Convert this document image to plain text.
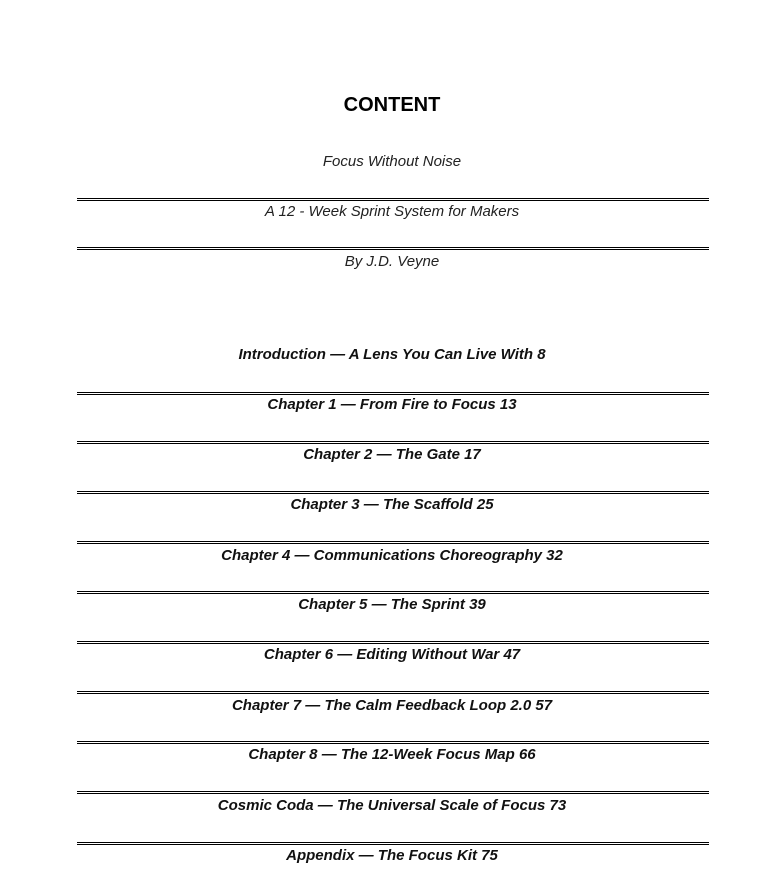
CONTENT
Focus Without Noise
A 12 - Week Sprint System for Makers
By J.D. Veyne
Introduction — A Lens You Can Live With 8
Chapter 1 — From Fire to Focus 13
Chapter 2 — The Gate 17
Chapter 3 — The Scaffold 25
Chapter 4 — Communications Choreography 32
Chapter 5 — The Sprint 39
Chapter 6 — Editing Without War 47
Chapter 7 — The Calm Feedback Loop 2.0 57
Chapter 8 — The 12-Week Focus Map 66
Cosmic Coda — The Universal Scale of Focus 73
Appendix — The Focus Kit 75
